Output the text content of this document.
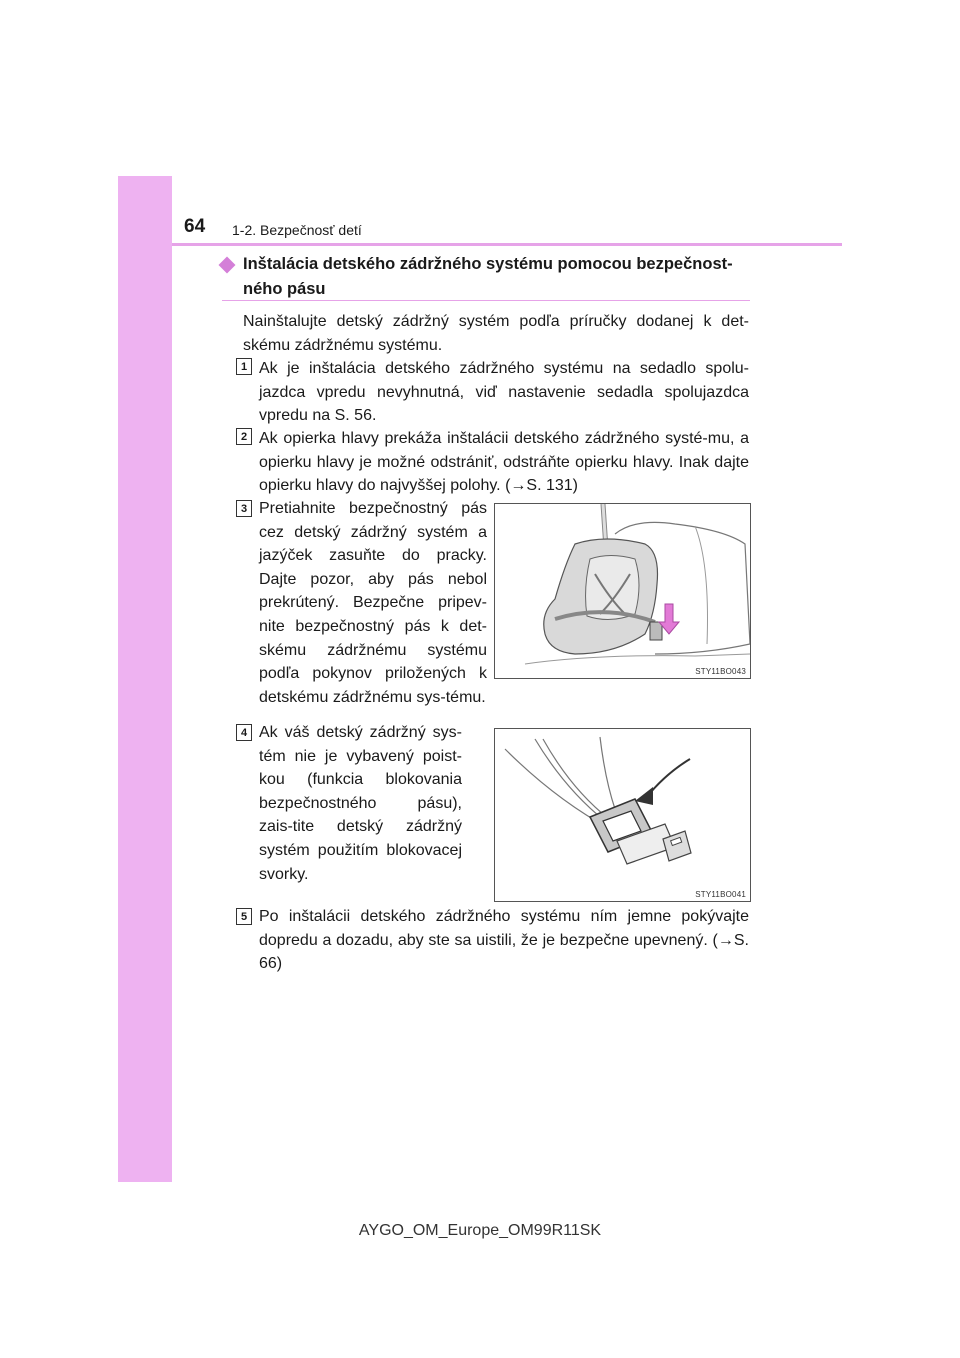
64 1-2. Bezpečnosť detí
Inštalácia detského zádržného systému pomocou bezpečnost-ného pásu
Nainštalujte detský zádržný systém podľa príručky dodanej k det-skému zádržnému systému.
1 Ak je inštalácia detského zádržného systému na sedadlo spolu-jazdca vpredu nevyhnutná, viď nastavenie sedadla spolujazdca vpredu na S. 56.
2 Ak opierka hlavy prekáža inštalácii detského zádržného systé-mu, a opierku hlavy je možné odstrániť, odstráňte opierku hlavy. Inak dajte opierku hlavy do najvyššej polohy. (→S. 131)
3 Pretiahnite bezpečnostný pás cez detský zádržný systém a jazýček zasuňte do pracky. Dajte pozor, aby pás nebol prekrútený. Bezpečne pripev-nite bezpečnostný pás k det-skému zádržnému systému podľa pokynov priložených k detskému zádržnému sys-tému.
STY11BO043
4 Ak váš detský zádržný sys-tém nie je vybavený poist-kou (funkcia blokovania bezpečnostného pásu), zais-tite detský zádržný systém použitím blokovacej svorky.
STY11BO041
5 Po inštalácii detského zádržného systému ním jemne pokývajte dopredu a dozadu, aby ste sa uistili, že je bezpečne upevnený. (→S. 66)
AYGO_OM_Europe_OM99R11SK
